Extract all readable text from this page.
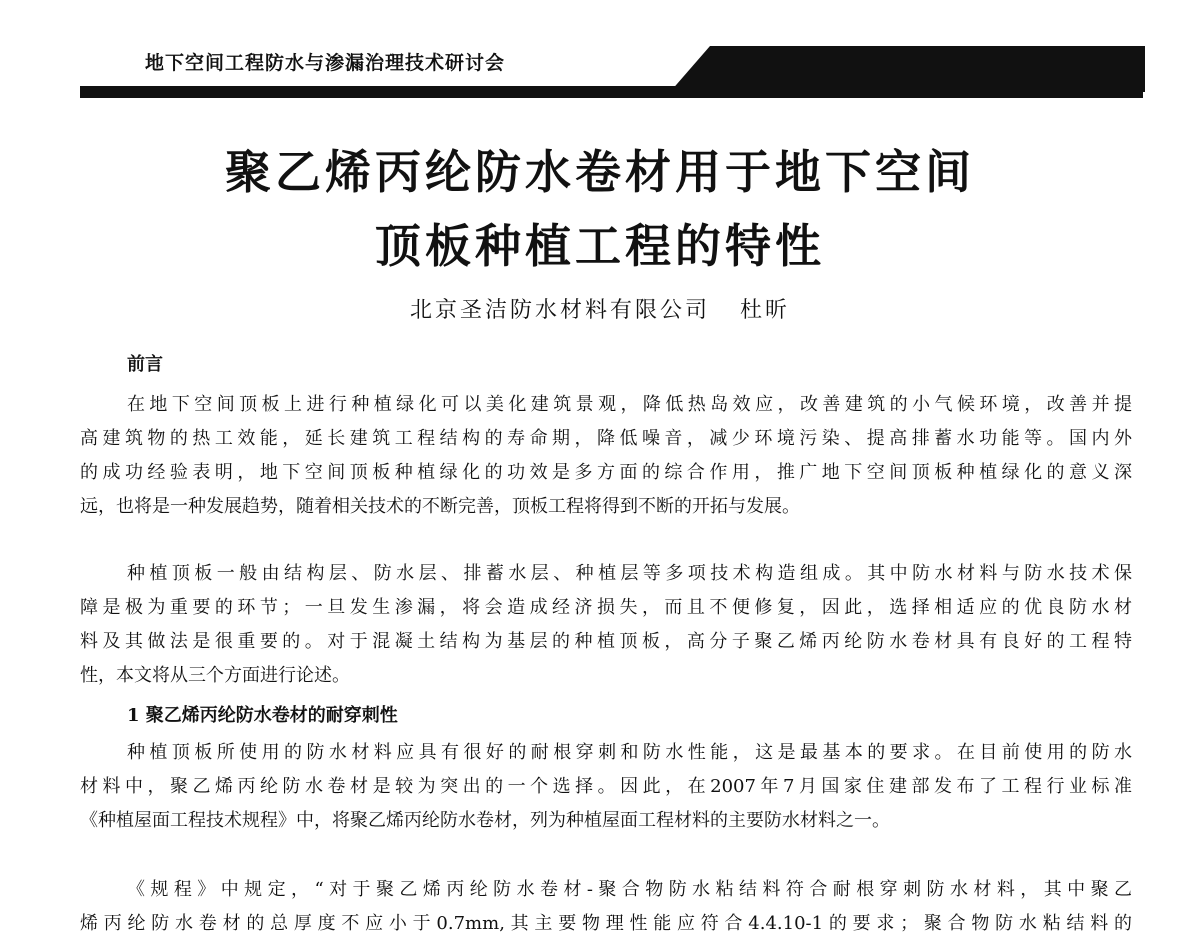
地下空间工程防水与渗漏治理技术研讨会
聚乙烯丙纶防水卷材用于地下空间
顶板种植工程的特性
北京圣洁防水材料有限公司 杜昕
前言
在地下空间顶板上进行种植绿化可以美化建筑景观，降低热岛效应，改善建筑的小气候环境，改善并提
高建筑物的热工效能，延长建筑工程结构的寿命期，降低噪音，减少环境污染、提高排蓄水功能等。国内外
的成功经验表明，地下空间顶板种植绿化的功效是多方面的综合作用，推广地下空间顶板种植绿化的意义深
远，也将是一种发展趋势，随着相关技术的不断完善，顶板工程将得到不断的开拓与发展。
种植顶板一般由结构层、防水层、排蓄水层、种植层等多项技术构造组成。其中防水材料与防水技术保
障是极为重要的环节；一旦发生渗漏，将会造成经济损失，而且不便修复，因此，选择相适应的优良防水材
料及其做法是很重要的。对于混凝土结构为基层的种植顶板，高分子聚乙烯丙纶防水卷材具有良好的工程特
性，本文将从三个方面进行论述。
1 聚乙烯丙纶防水卷材的耐穿刺性
种植顶板所使用的防水材料应具有很好的耐根穿刺和防水性能，这是最基本的要求。在目前使用的防水
材料中，聚乙烯丙纶防水卷材是较为突出的一个选择。因此，在2007年7月国家住建部发布了工程行业标准
《种植屋面工程技术规程》中，将聚乙烯丙纶防水卷材，列为种植屋面工程材料的主要防水材料之一。
《规程》中规定，“对于聚乙烯丙纶防水卷材-聚合物防水粘结料符合耐根穿刺防水材料，其中聚乙
烯丙纶防水卷材的总厚度不应小于0.7mm,其主要物理性能应符合4.4.10-1的要求；聚合物防水粘结料的
